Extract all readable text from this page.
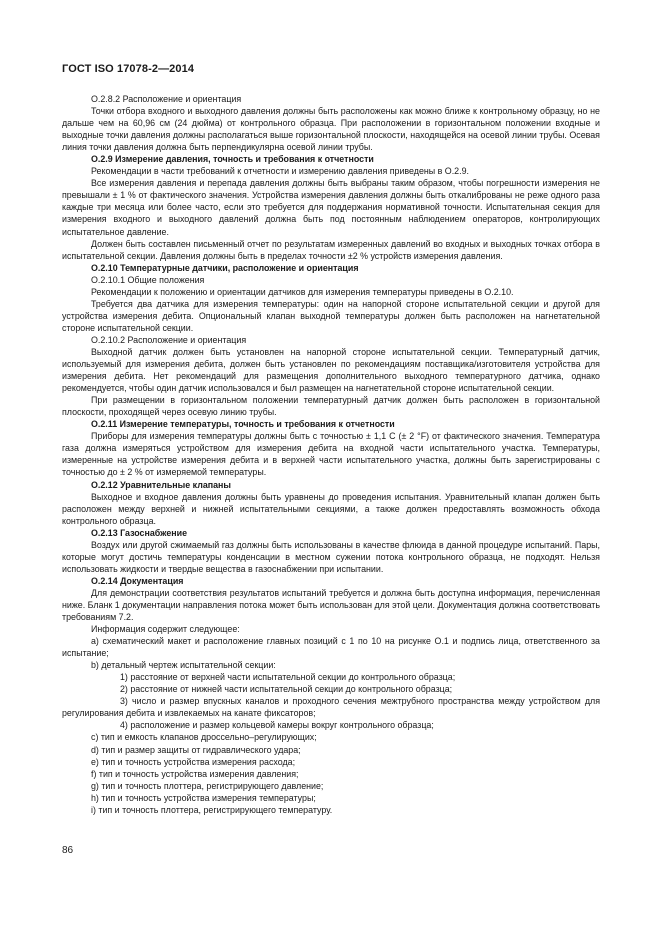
ГОСТ ISO 17078-2—2014

O.2.8.2 Расположение и ориентация

Точки отбора входного и выходного давления должны быть расположены как можно ближе к контрольному образцу, но не дальше чем на 60,96 см (24 дюйма) от контрольного образца. При расположении в горизонтальном положении входные и выходные точки давления должны располагаться выше горизонтальной плоскости, находящейся на осевой линии трубы. Осевая линия точки давления должна быть перпендикулярна осевой линии трубы.

O.2.9 Измерение давления, точность и требования к отчетности

Рекомендации в части требований к отчетности и измерению давления приведены в О.2.9.

Все измерения давления и перепада давления должны быть выбраны таким образом, чтобы погрешности измерения не превышали ± 1 % от фактического значения. Устройства измерения давления должны быть откалиброваны не реже одного раза каждые три месяца или более часто, если это требуется для поддержания нормативной точности. Испытательная секция для измерения входного и выходного давлений должна быть под постоянным наблюдением операторов, контролирующих испытательное давление.

Должен быть составлен письменный отчет по результатам измеренных давлений во входных и выходных точках отбора в испытательной секции. Давления должны быть в пределах точности ±2 % устройств измерения давления.

O.2.10 Температурные датчики, расположение и ориентация

O.2.10.1 Общие положения

Рекомендации к положению и ориентации датчиков для измерения температуры приведены в О.2.10.

Требуется два датчика для измерения температуры: один на напорной стороне испытательной секции и другой для устройства измерения дебита. Опциональный клапан выходной температуры должен быть расположен на нагнетательной стороне испытательной секции.

O.2.10.2 Расположение и ориентация

Выходной датчик должен быть установлен на напорной стороне испытательной секции. Температурный датчик, используемый для измерения дебита, должен быть установлен по рекомендациям поставщика/изготовителя устройства для измерения дебита. Нет рекомендаций для размещения дополнительного выходного температурного датчика, однако рекомендуется, чтобы один датчик использовался и был размещен на нагнетательной стороне испытательной секции.

При размещении в горизонтальном положении температурный датчик должен быть расположен в горизонтальной плоскости, проходящей через осевую линию трубы.

O.2.11 Измерение температуры, точность и требования к отчетности

Приборы для измерения температуры должны быть с точностью ± 1,1 С (± 2 °F) от фактического значения. Температура газа должна измеряться устройством для измерения дебита на входной части испытательного участка. Температуры, измеренные на устройстве измерения дебита и в верхней части испытательного участка, должны быть зарегистрированы с точностью до ± 2 % от измеряемой температуры.

O.2.12 Уравнительные клапаны

Выходное и входное давления должны быть уравнены до проведения испытания. Уравнительный клапан должен быть расположен между верхней и нижней испытательными секциями, а также должен предоставлять возможность обхода контрольного образца.

O.2.13 Газоснабжение

Воздух или другой сжимаемый газ должны быть использованы в качестве флюида в данной процедуре испытаний. Пары, которые могут достичь температуры конденсации в местном сужении потока контрольного образца, не подходят. Нельзя использовать жидкости и твердые вещества в газоснабжении при испытании.

O.2.14 Документация

Для демонстрации соответствия результатов испытаний требуется и должна быть доступна информация, перечисленная ниже. Бланк 1 документации направления потока может быть использован для этой цели. Документация должна соответствовать требованиям 7.2.

Информация содержит следующее:

a) схематический макет и расположение главных позиций с 1 по 10 на рисунке О.1 и подпись лица, ответственного за испытание;

b) детальный чертеж испытательной секции:

1) расстояние от верхней части испытательной секции до контрольного образца;

2) расстояние от нижней части испытательной секции до контрольного образца;

3) число и размер впускных каналов и проходного сечения межтрубного пространства между устройством для регулирования дебита и извлекаемых на канате фиксаторов;

4) расположение и размер кольцевой камеры вокруг контрольного образца;

c) тип и емкость клапанов дроссельно–регулирующих;

d) тип и размер защиты от гидравлического удара;

e) тип и точность устройства измерения расхода;

f) тип и точность устройства измерения давления;

g) тип и точность плоттера, регистрирующего давление;

h) тип и точность устройства измерения температуры;

i) тип и точность плоттера, регистрирующего температуру.

86
